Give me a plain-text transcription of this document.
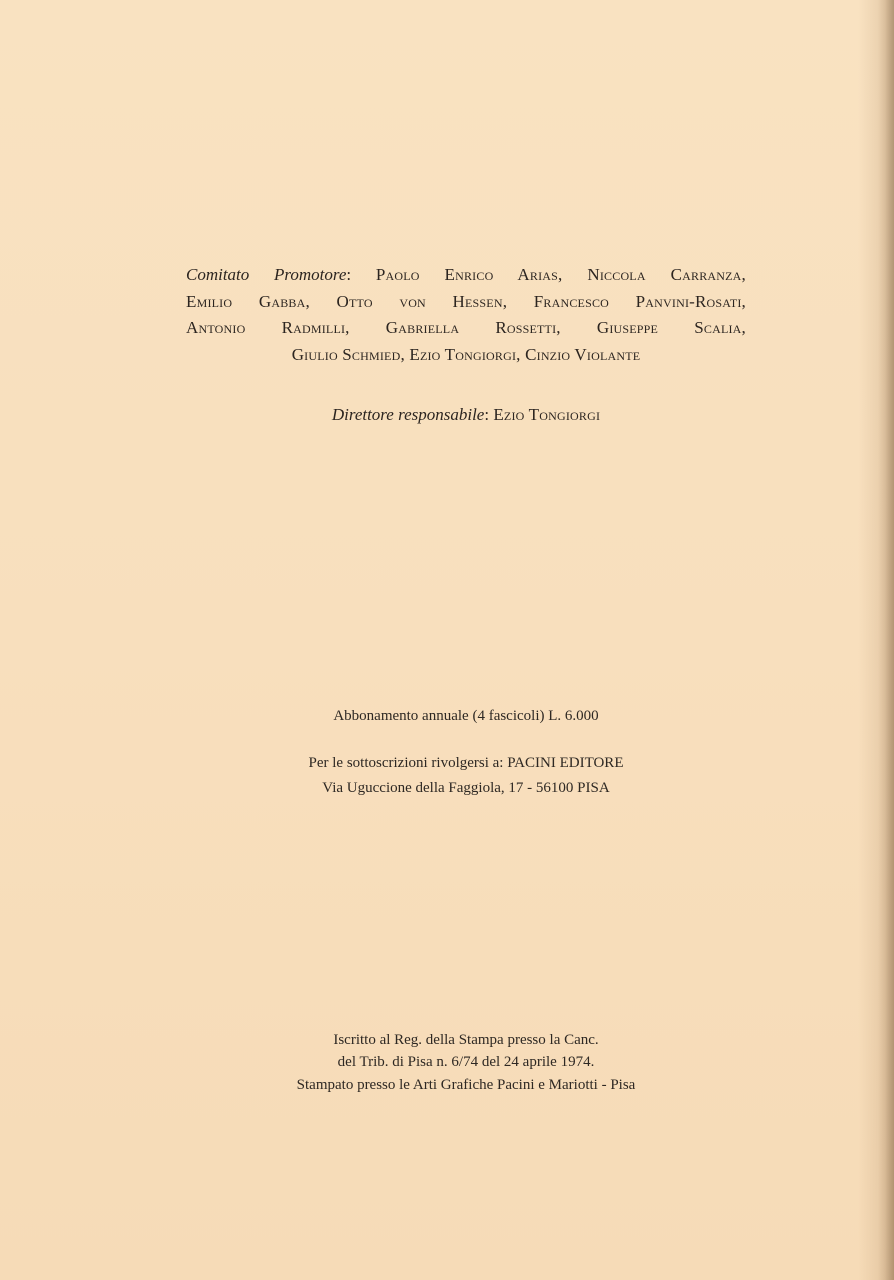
Comitato Promotore: Paolo Enrico Arias, Niccola Carranza,
Emilio Gabba, Otto von Hessen, Francesco Panvini-Rosati,
Antonio Radmilli, Gabriella Rossetti, Giuseppe Scalia,
Giulio Schmied, Ezio Tongiorgi, Cinzio Violante
Direttore responsabile: Ezio Tongiorgi
Abbonamento annuale (4 fascicoli) L. 6.000
Per le sottoscrizioni rivolgersi a: PACINI EDITORE
Via Uguccione della Faggiola, 17 - 56100 PISA
Iscritto al Reg. della Stampa presso la Canc.
del Trib. di Pisa n. 6/74 del 24 aprile 1974.
Stampato presso le Arti Grafiche Pacini e Mariotti - Pisa
